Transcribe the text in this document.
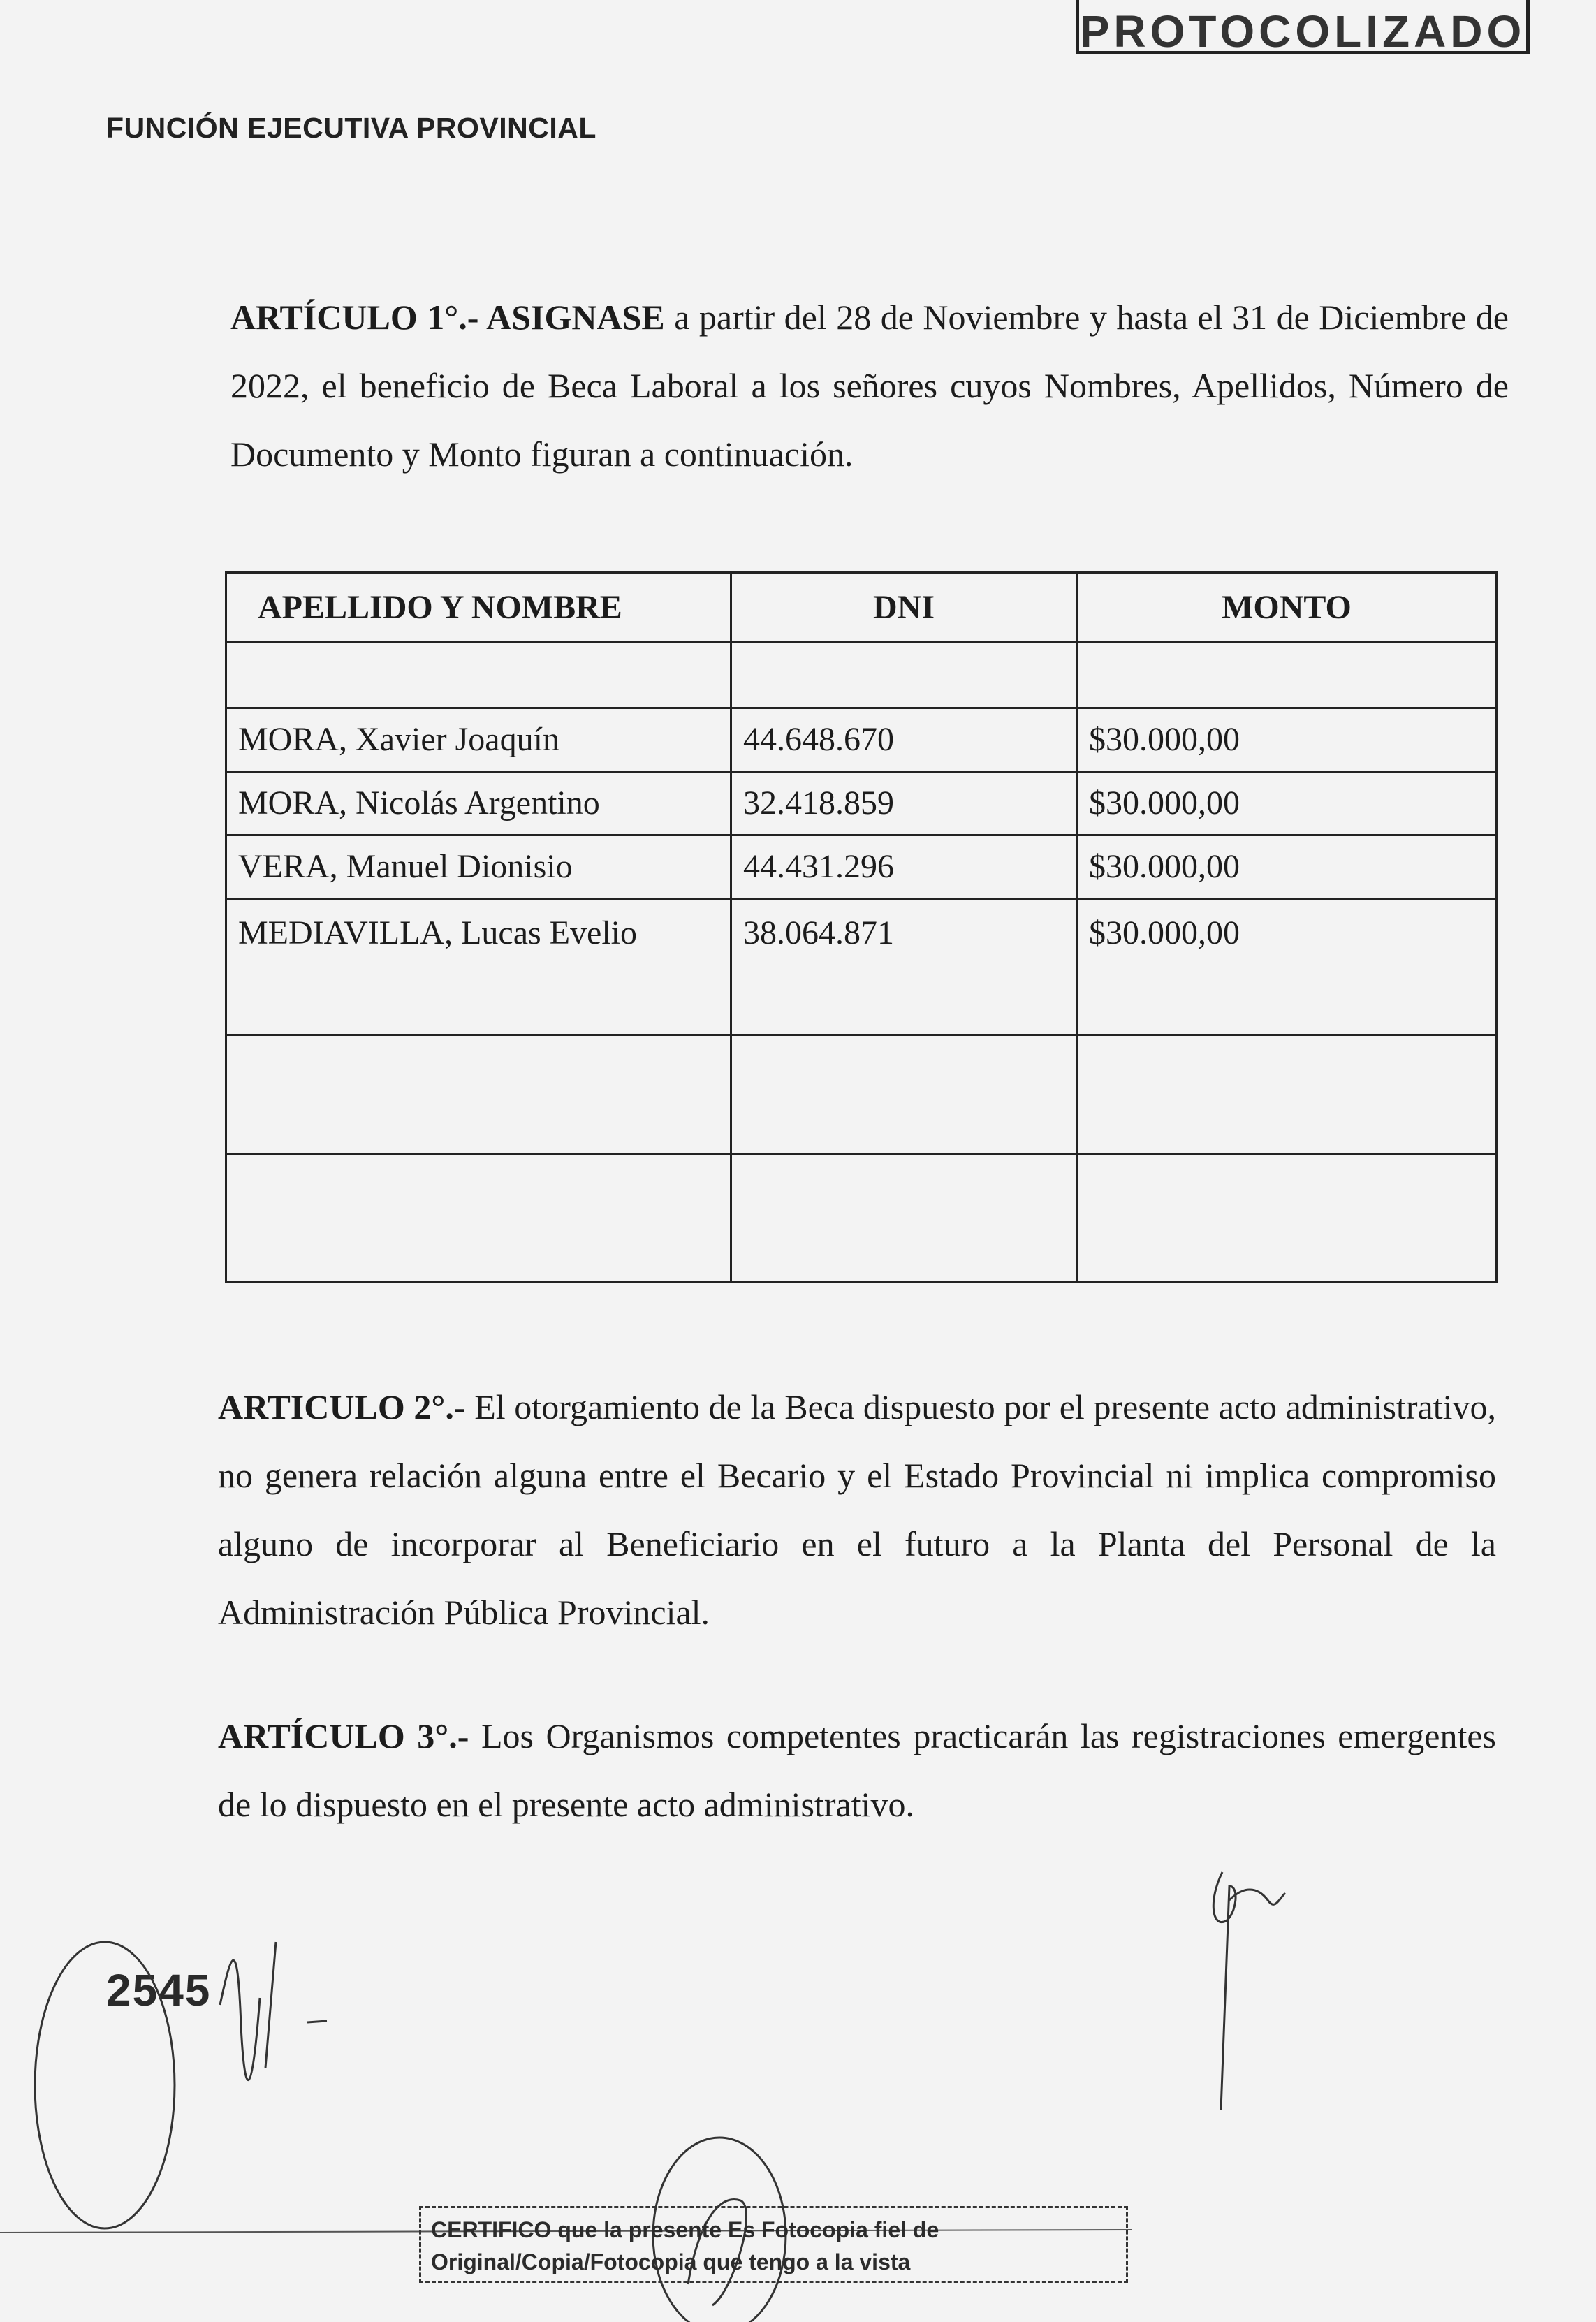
PROTOCOLIZADO
FUNCIÓN EJECUTIVA PROVINCIAL

ARTÍCULO 1°.- ASIGNASE a partir del 28 de Noviembre y hasta el 31 de Diciembre de 2022, el beneficio de Beca Laboral a los señores cuyos Nombres, Apellidos, Número de Documento y Monto figuran a continuación.

APELLIDO Y NOMBRE	DNI	MONTO

MORA, Xavier Joaquín	44.648.670	$30.000,00
MORA, Nicolás Argentino	32.418.859	$30.000,00
VERA, Manuel Dionisio	44.431.296	$30.000,00
MEDIAVILLA, Lucas Evelio	38.064.871	$30.000,00

ARTICULO 2°.- El otorgamiento de la Beca dispuesto por el presente acto administrativo, no genera relación alguna entre el Becario y el Estado Provincial ni implica compromiso alguno de incorporar al Beneficiario en el futuro a la Planta del Personal de la Administración Pública Provincial.

ARTÍCULO 3°.- Los Organismos competentes practicarán las registraciones emergentes de lo dispuesto en el presente acto administrativo.

2545
CERTIFICO que la presente Es Fotocopia fiel de
Original/Copia/Fotocopia que tengo a la vista
